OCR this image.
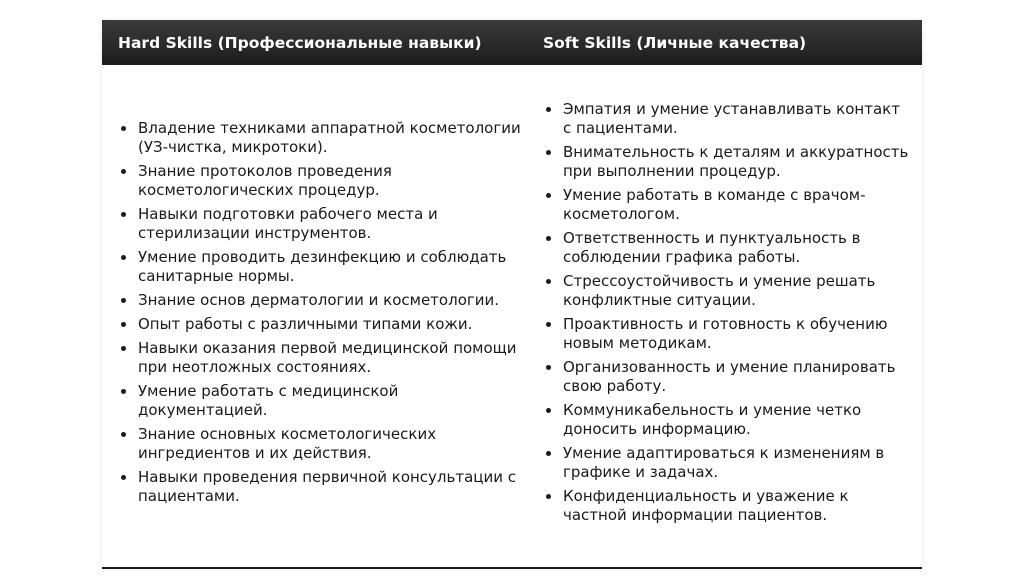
Hard Skills (Профессиональные навыки)	Soft Skills (Личные качества)
Владение техниками аппаратной косметологии (УЗ-чистка, микротоки).
Знание протоколов проведения косметологических процедур.
Навыки подготовки рабочего места и стерилизации инструментов.
Умение проводить дезинфекцию и соблюдать санитарные нормы.
Знание основ дерматологии и косметологии.
Опыт работы с различными типами кожи.
Навыки оказания первой медицинской помощи при неотложных состояниях.
Умение работать с медицинской документацией.
Знание основных косметологических ингредиентов и их действия.
Навыки проведения первичной консультации с пациентами.
Эмпатия и умение устанавливать контакт с пациентами.
Внимательность к деталям и аккуратность при выполнении процедур.
Умение работать в команде с врачом-косметологом.
Ответственность и пунктуальность в соблюдении графика работы.
Стрессоустойчивость и умение решать конфликтные ситуации.
Проактивность и готовность к обучению новым методикам.
Организованность и умение планировать свою работу.
Коммуникабельность и умение четко доносить информацию.
Умение адаптироваться к изменениям в графике и задачах.
Конфиденциальность и уважение к частной информации пациентов.
